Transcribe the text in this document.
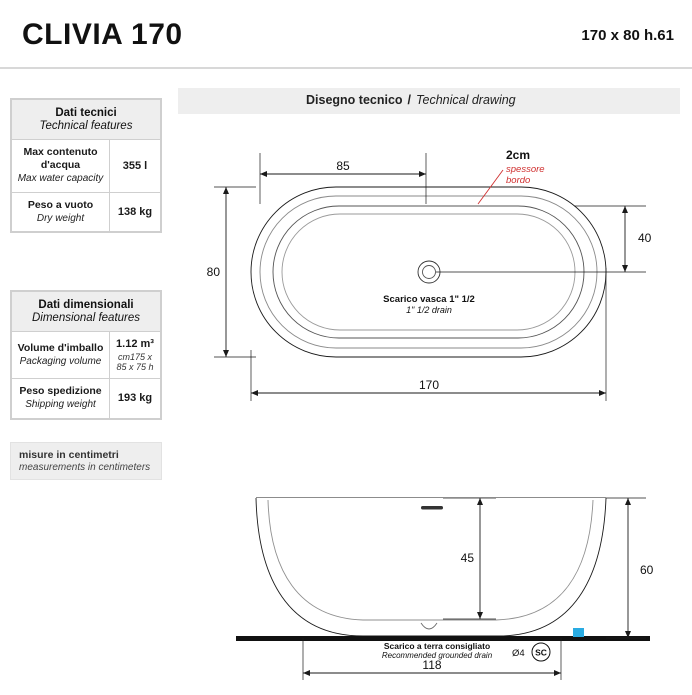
CLIVIA 170	170 x 80 h.61
Disegno tecnico / Technical drawing
Dati tecnici
Technical features	

Max contenuto d'acqua
Max water capacity	355 l

Peso a vuoto
Dry weight	138 kg
Dati dimensionali
Dimensional features	

Volume d'imballo
Packaging volume	1.12 m³
cm175 x 85 x 75 h

Peso spedizione
Shipping weight	193 kg
misure in centimetri
measurements in centimeters
85
80
40
170
2cm
spessore
bordo
Scarico vasca 1" 1/2
1" 1/2 drain
45
60
118
Scarico a terra consigliato
Recommended grounded drain Ø4 SC
